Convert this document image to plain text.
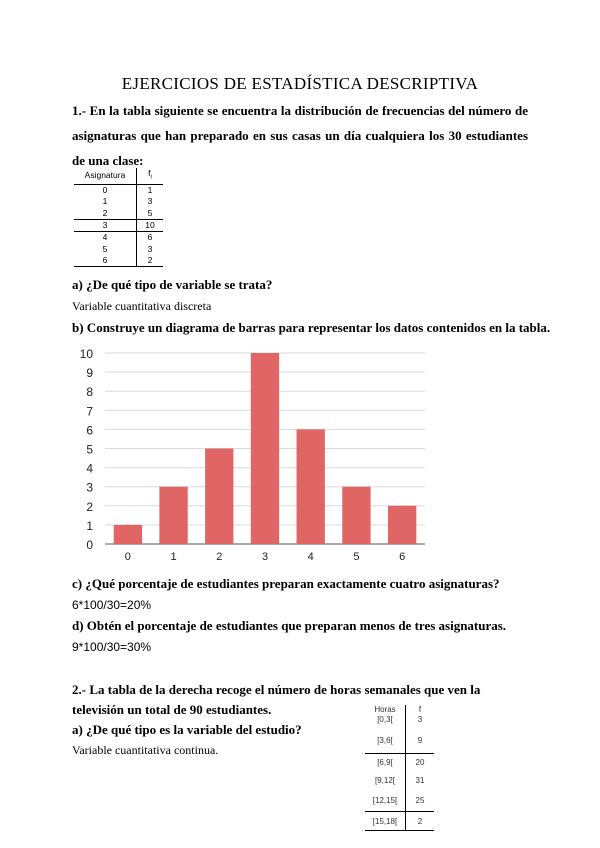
EJERCICIOS DE ESTADÍSTICA DESCRIPTIVA
1.- En la tabla siguiente se encuentra la distribución de frecuencias del número de asignaturas que han preparado en sus casas un día cualquiera los 30 estudiantes de una clase:
Asignatura	$f_i$
0	1
1	3
2	5
3	10
4	6
5	3
6	2
a) ¿De qué tipo de variable se trata?
Variable cuantitativa discreta
b) Construye un diagrama de barras para representar los datos contenidos en la tabla.
0
1
2
3
4
5
6
7
8
9
10
0	1	2	3	4	5	6
c) ¿Qué porcentaje de estudiantes preparan exactamente cuatro asignaturas?
6*100/30=20%
d) Obtén el porcentaje de estudiantes que preparan menos de tres asignaturas.
9*100/30=30%
2.- La tabla de la derecha recoge el número de horas semanales que ven la televisión un total de 90 estudiantes.
a) ¿De qué tipo es la variable del estudio?
Variable cuantitativa continua.
Horas	f
[0,3[	3
[3,6[	9
[6,9[	20
[9,12[	31
[12,15[	25
[15,18[	2
